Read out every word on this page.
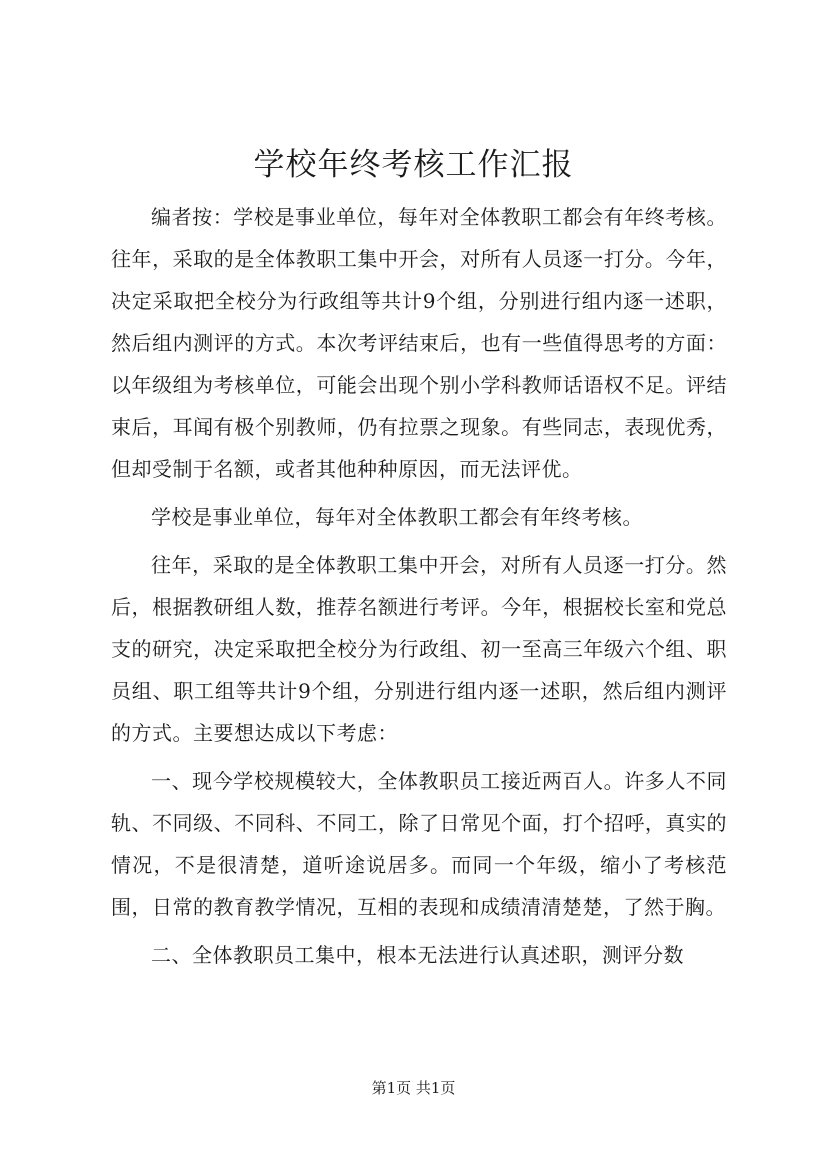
学校年终考核工作汇报

编者按：学校是事业单位，每年对全体教职工都会有年终考核。往年，采取的是全体教职工集中开会，对所有人员逐一打分。今年，决定采取把全校分为行政组等共计9个组，分别进行组内逐一述职，然后组内测评的方式。本次考评结束后，也有一些值得思考的方面：以年级组为考核单位，可能会出现个别小学科教师话语权不足。评结束后，耳闻有极个别教师，仍有拉票之现象。有些同志，表现优秀，但却受制于名额，或者其他种种原因，而无法评优。

学校是事业单位，每年对全体教职工都会有年终考核。

往年，采取的是全体教职工集中开会，对所有人员逐一打分。然后，根据教研组人数，推荐名额进行考评。今年，根据校长室和党总支的研究，决定采取把全校分为行政组、初一至高三年级六个组、职员组、职工组等共计9个组，分别进行组内逐一述职，然后组内测评的方式。主要想达成以下考虑：

一、现今学校规模较大，全体教职员工接近两百人。许多人不同轨、不同级、不同科、不同工，除了日常见个面，打个招呼，真实的情况，不是很清楚，道听途说居多。而同一个年级，缩小了考核范围，日常的教育教学情况，互相的表现和成绩清清楚楚，了然于胸。

二、全体教职员工集中，根本无法进行认真述职，测评分数

第1页 共1页
